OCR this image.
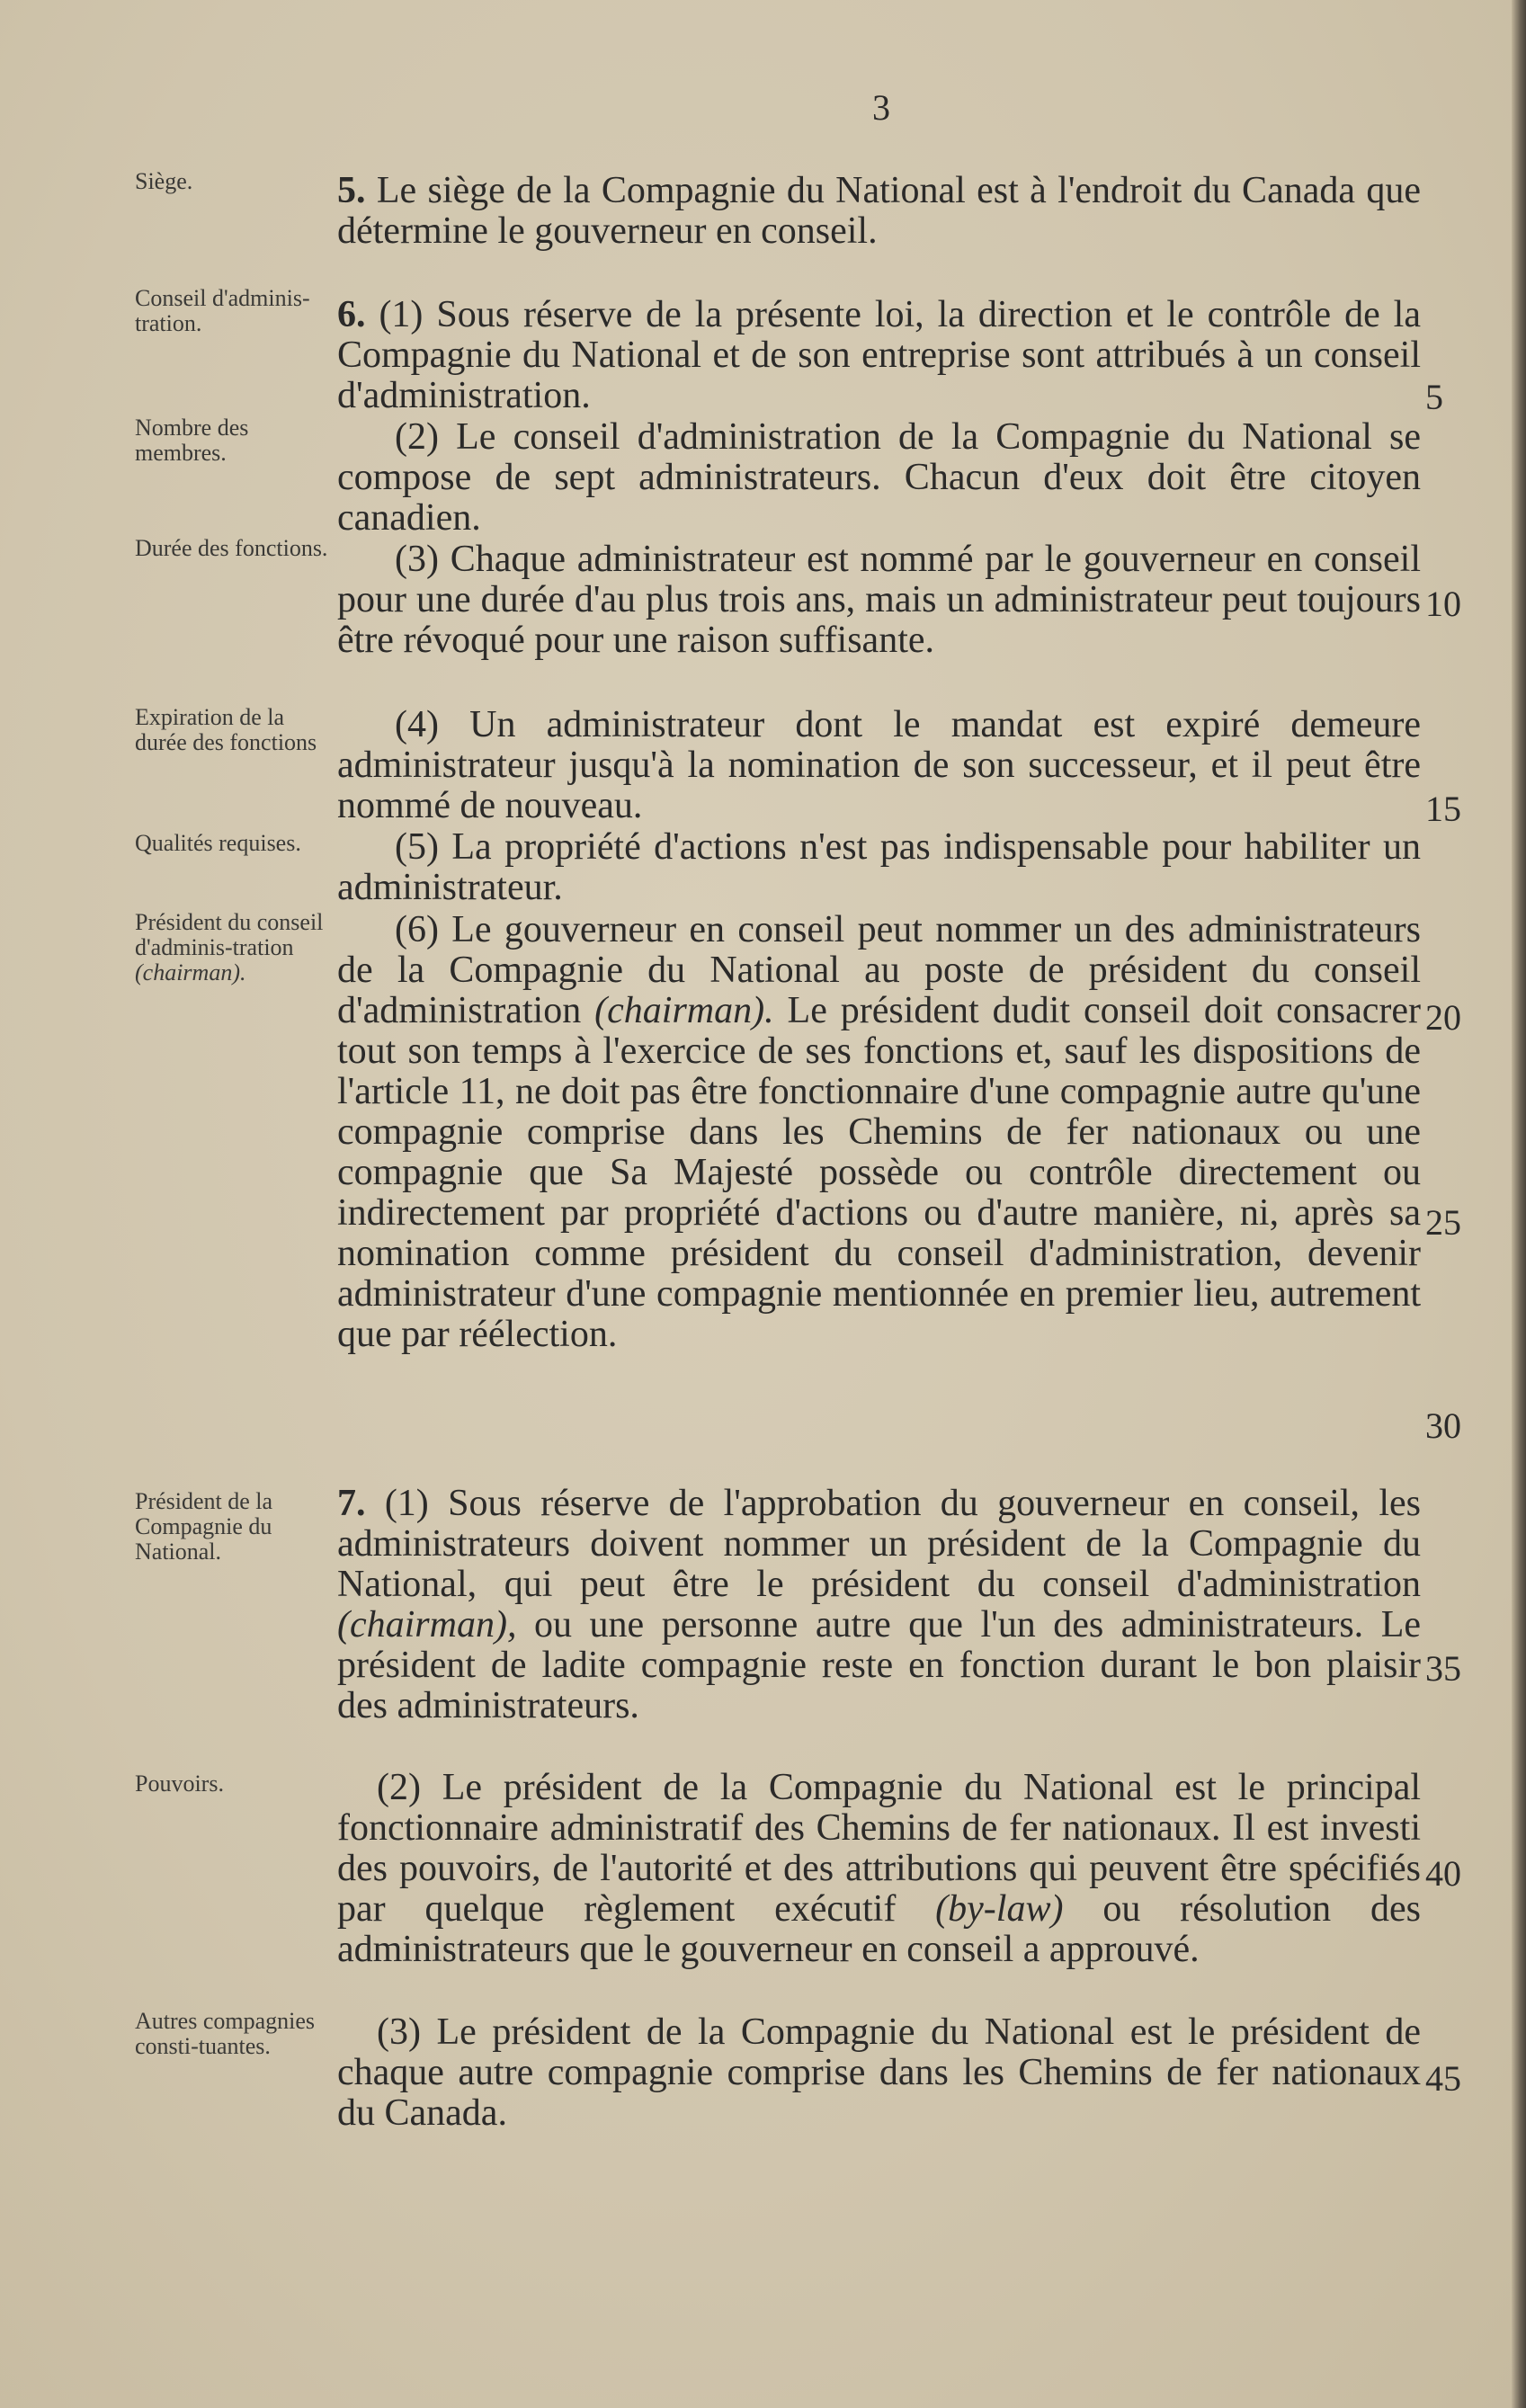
3
Siège.
Conseil d'adminis-tration.
Nombre des membres.
Durée des fonctions.
Expiration de la durée des fonctions
Qualités requises.
Président du conseil d'adminis-tration (chairman).
Président de la Compagnie du National.
Pouvoirs.
Autres compagnies consti-tuantes.
5. Le siège de la Compagnie du National est à l'endroit du Canada que détermine le gouverneur en conseil.
6. (1) Sous réserve de la présente loi, la direction et le contrôle de la Compagnie du National et de son entreprise sont attribués à un conseil d'administration.
(2) Le conseil d'administration de la Compagnie du National se compose de sept administrateurs. Chacun d'eux doit être citoyen canadien.
(3) Chaque administrateur est nommé par le gouverneur en conseil pour une durée d'au plus trois ans, mais un administrateur peut toujours être révoqué pour une raison suffisante.
(4) Un administrateur dont le mandat est expiré demeure administrateur jusqu'à la nomination de son successeur, et il peut être nommé de nouveau.
(5) La propriété d'actions n'est pas indispensable pour habiliter un administrateur.
(6) Le gouverneur en conseil peut nommer un des administrateurs de la Compagnie du National au poste de président du conseil d'administration (chairman). Le président dudit conseil doit consacrer tout son temps à l'exercice de ses fonctions et, sauf les dispositions de l'article 11, ne doit pas être fonctionnaire d'une compagnie autre qu'une compagnie comprise dans les Chemins de fer nationaux ou une compagnie que Sa Majesté possède ou contrôle directement ou indirectement par propriété d'actions ou d'autre manière, ni, après sa nomination comme président du conseil d'administration, devenir administrateur d'une compagnie mentionnée en premier lieu, autrement que par réélection.
7. (1) Sous réserve de l'approbation du gouverneur en conseil, les administrateurs doivent nommer un président de la Compagnie du National, qui peut être le président du conseil d'administration (chairman), ou une personne autre que l'un des administrateurs. Le président de ladite compagnie reste en fonction durant le bon plaisir des administrateurs.
(2) Le président de la Compagnie du National est le principal fonctionnaire administratif des Chemins de fer nationaux. Il est investi des pouvoirs, de l'autorité et des attributions qui peuvent être spécifiés par quelque règlement exécutif (by-law) ou résolution des administrateurs que le gouverneur en conseil a approuvé.
(3) Le président de la Compagnie du National est le président de chaque autre compagnie comprise dans les Chemins de fer nationaux du Canada.
5
10
15
20
25
30
35
40
45
